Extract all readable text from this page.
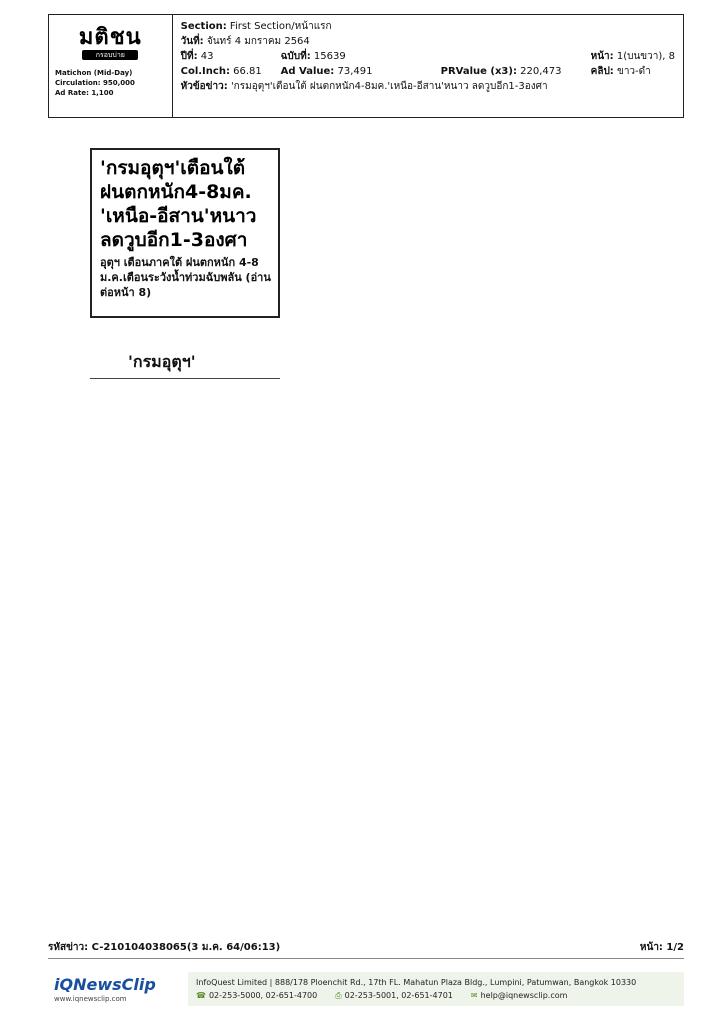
มติชน
กรอบบ่าย
Matichon (Mid-Day)
Circulation: 950,000
Ad Rate: 1,100
Section:
First Section/หน้าแรก
วันที่:
จันทร์ 4 มกราคม 2564
ปีที่: 43	ฉบับที่: 15639	หน้า: 1(บนขวา), 8
Col.Inch: 66.81	Ad Value: 73,491	PRValue (x3): 220,473	คลิป: ขาว-ดำ
หัวข้อข่าว:
'กรมอุตุฯ'เตือนใต้ ฝนตกหนัก4-8มค.'เหนือ-อีสาน'หนาว ลดวูบอีก1-3องศา
'กรมอุตุฯ'เตือนใต้ ฝนตกหนัก4-8มค. 'เหนือ-อีสาน'หนาว ลดวูบอีก1-3องศา
อุตุฯ เตือนภาคใต้ ฝนตกหนัก 4-8 ม.ค.เตือนระวังน้ำท่วมฉับพลัน (อ่านต่อหน้า 8)
'กรมอุตุฯ'
รหัสข่าว: C-210104038065(3 ม.ค. 64/06:13)	หน้า: 1/2
iQNewsClip
www.iqnewsclip.com
InfoQuest Limited | 888/178 Ploenchit Rd., 17th FL. Mahatun Plaza Bldg., Lumpini, Patumwan, Bangkok 10330
☎ 02-253-5000, 02-651-4700 ⎙ 02-253-5001, 02-651-4701 ✉ help@iqnewsclip.com
